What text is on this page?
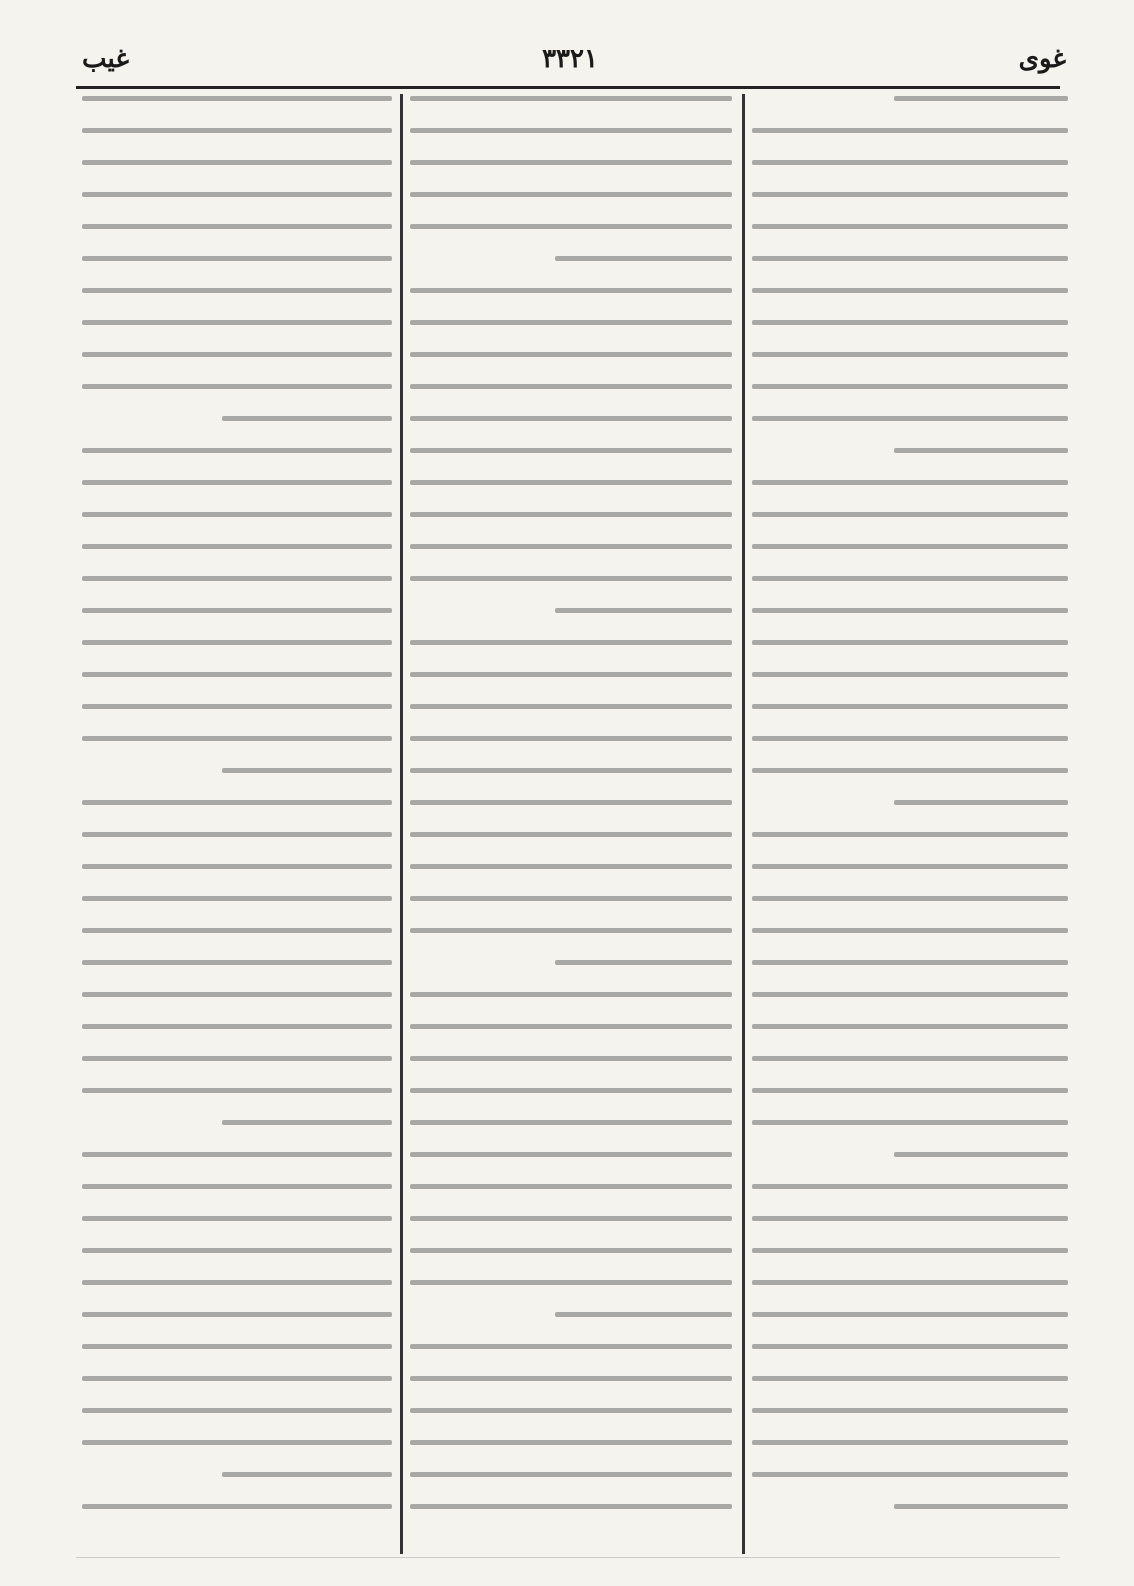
غوى
٣٣٢١
غيب
